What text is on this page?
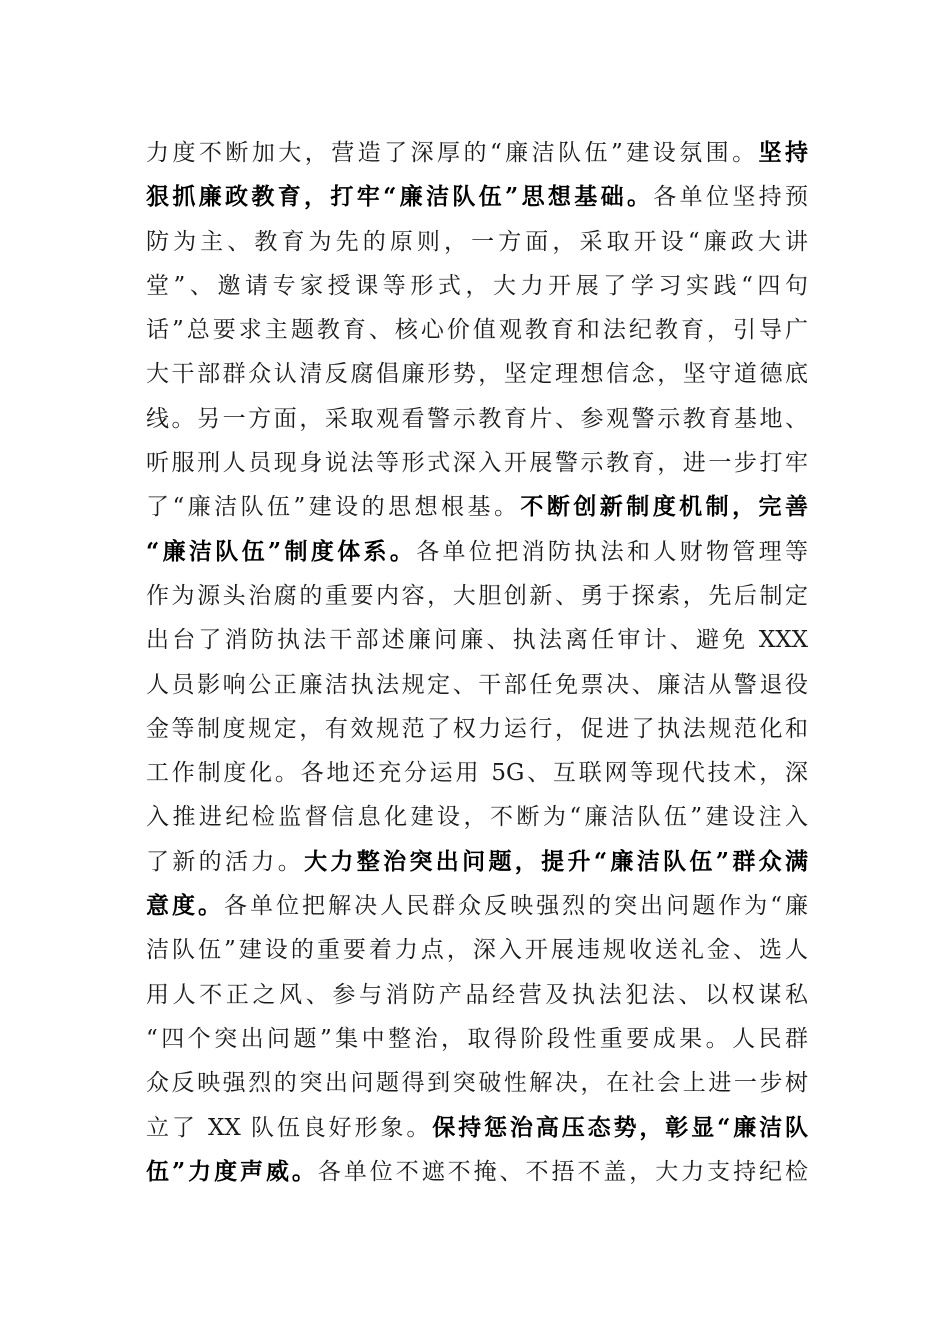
力度不断加大，营造了深厚的“廉洁队伍”建设氛围。坚持
狠抓廉政教育，打牢“廉洁队伍”思想基础。各单位坚持预
防为主、教育为先的原则，一方面，采取开设“廉政大讲
堂”、邀请专家授课等形式，大力开展了学习实践“四句
话”总要求主题教育、核心价值观教育和法纪教育，引导广
大干部群众认清反腐倡廉形势，坚定理想信念，坚守道德底
线。另一方面，采取观看警示教育片、参观警示教育基地、
听服刑人员现身说法等形式深入开展警示教育，进一步打牢
了“廉洁队伍”建设的思想根基。不断创新制度机制，完善
“廉洁队伍”制度体系。各单位把消防执法和人财物管理等
作为源头治腐的重要内容，大胆创新、勇于探索，先后制定
出台了消防执法干部述廉问廉、执法离任审计、避免 XXX
人员影响公正廉洁执法规定、干部任免票决、廉洁从警退役
金等制度规定，有效规范了权力运行，促进了执法规范化和
工作制度化。各地还充分运用 5G、互联网等现代技术，深
入推进纪检监督信息化建设，不断为“廉洁队伍”建设注入
了新的活力。大力整治突出问题，提升“廉洁队伍”群众满
意度。各单位把解决人民群众反映强烈的突出问题作为“廉
洁队伍”建设的重要着力点，深入开展违规收送礼金、选人
用人不正之风、参与消防产品经营及执法犯法、以权谋私
“四个突出问题”集中整治，取得阶段性重要成果。人民群
众反映强烈的突出问题得到突破性解决，在社会上进一步树
立了 XX 队伍良好形象。保持惩治高压态势，彰显“廉洁队
伍”力度声威。各单位不遮不掩、不捂不盖，大力支持纪检
